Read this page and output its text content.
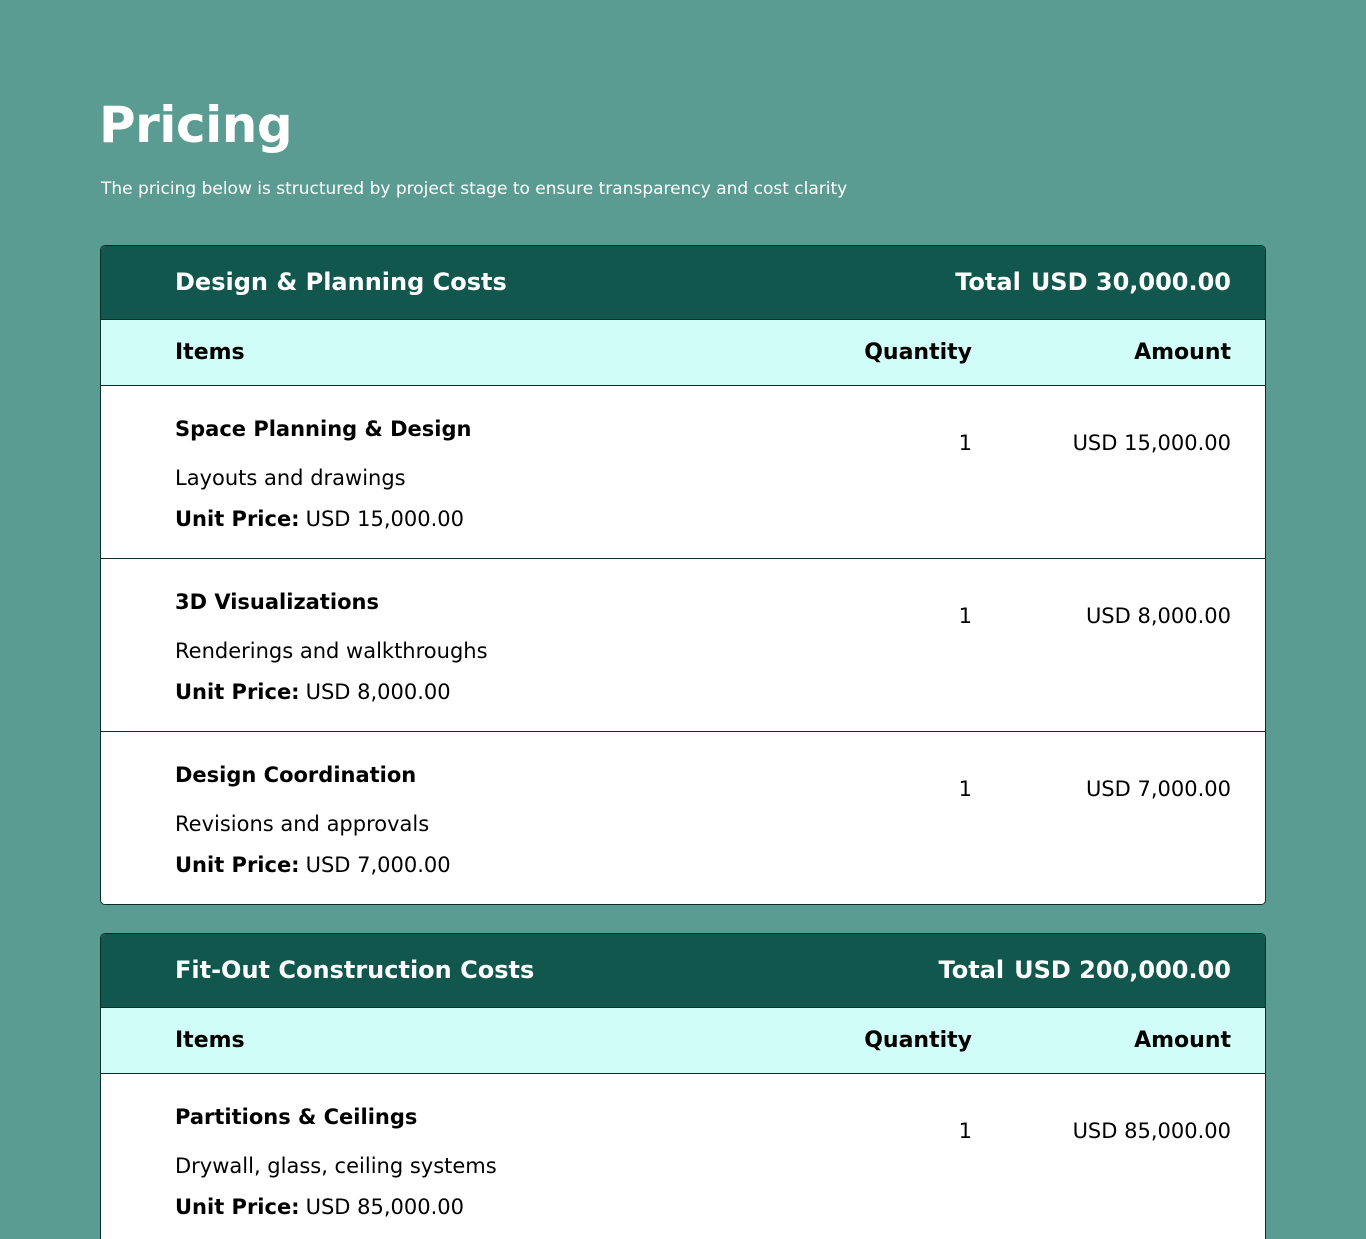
Pricing

The pricing below is structured by project stage to ensure transparency and cost clarity

Design & Planning Costs	Total USD 30,000.00
Items	Quantity	Amount
Space Planning & Design
Layouts and drawings
Unit Price: USD 15,000.00
1	USD 15,000.00
3D Visualizations
Renderings and walkthroughs
Unit Price: USD 8,000.00
1	USD 8,000.00
Design Coordination
Revisions and approvals
Unit Price: USD 7,000.00
1	USD 7,000.00
Fit-Out Construction Costs	Total USD 200,000.00
Items	Quantity	Amount
Partitions & Ceilings
Drywall, glass, ceiling systems
Unit Price: USD 85,000.00
1	USD 85,000.00
